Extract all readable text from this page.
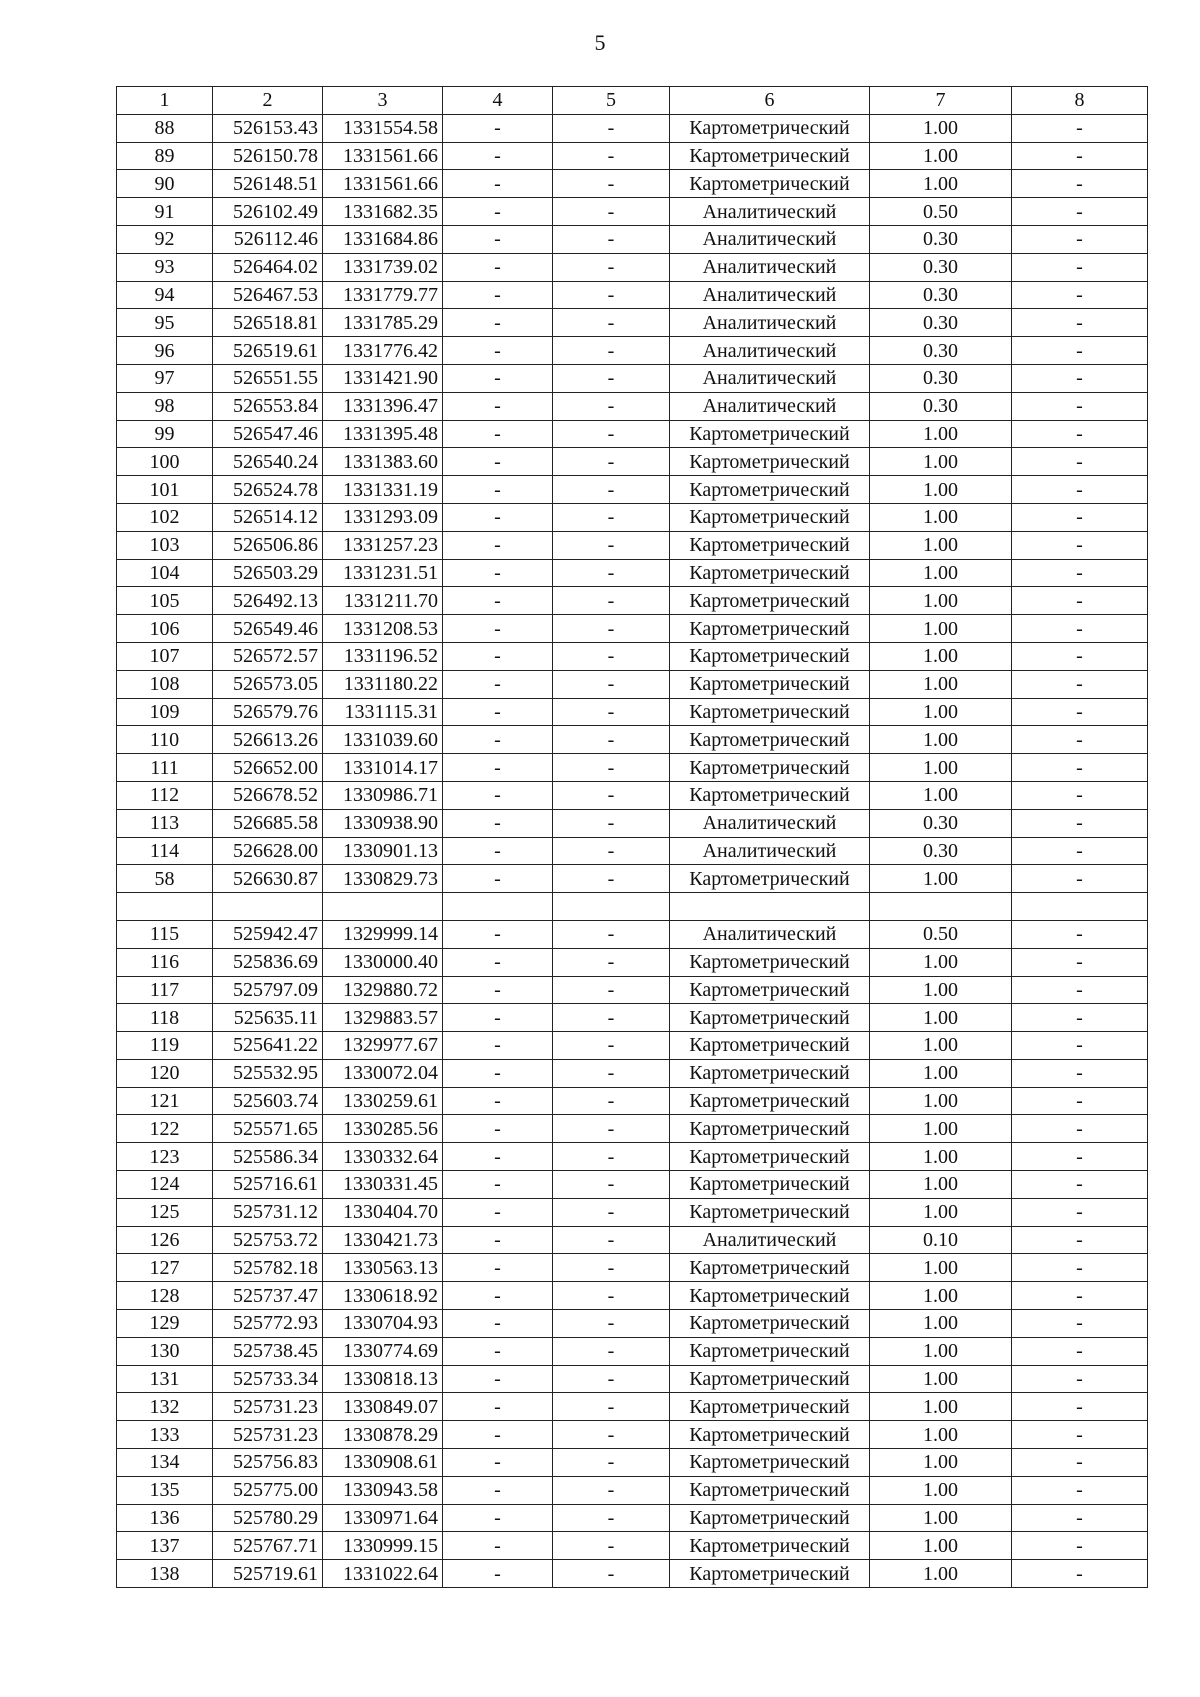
5
1	2	3	4	5	6	7	8
88	526153.43	1331554.58	-	-	Картометрический	1.00	-
89	526150.78	1331561.66	-	-	Картометрический	1.00	-
90	526148.51	1331561.66	-	-	Картометрический	1.00	-
91	526102.49	1331682.35	-	-	Аналитический	0.50	-
92	526112.46	1331684.86	-	-	Аналитический	0.30	-
93	526464.02	1331739.02	-	-	Аналитический	0.30	-
94	526467.53	1331779.77	-	-	Аналитический	0.30	-
95	526518.81	1331785.29	-	-	Аналитический	0.30	-
96	526519.61	1331776.42	-	-	Аналитический	0.30	-
97	526551.55	1331421.90	-	-	Аналитический	0.30	-
98	526553.84	1331396.47	-	-	Аналитический	0.30	-
99	526547.46	1331395.48	-	-	Картометрический	1.00	-
100	526540.24	1331383.60	-	-	Картометрический	1.00	-
101	526524.78	1331331.19	-	-	Картометрический	1.00	-
102	526514.12	1331293.09	-	-	Картометрический	1.00	-
103	526506.86	1331257.23	-	-	Картометрический	1.00	-
104	526503.29	1331231.51	-	-	Картометрический	1.00	-
105	526492.13	1331211.70	-	-	Картометрический	1.00	-
106	526549.46	1331208.53	-	-	Картометрический	1.00	-
107	526572.57	1331196.52	-	-	Картометрический	1.00	-
108	526573.05	1331180.22	-	-	Картометрический	1.00	-
109	526579.76	1331115.31	-	-	Картометрический	1.00	-
110	526613.26	1331039.60	-	-	Картометрический	1.00	-
111	526652.00	1331014.17	-	-	Картометрический	1.00	-
112	526678.52	1330986.71	-	-	Картометрический	1.00	-
113	526685.58	1330938.90	-	-	Аналитический	0.30	-
114	526628.00	1330901.13	-	-	Аналитический	0.30	-
58	526630.87	1330829.73	-	-	Картометрический	1.00	-

115	525942.47	1329999.14	-	-	Аналитический	0.50	-
116	525836.69	1330000.40	-	-	Картометрический	1.00	-
117	525797.09	1329880.72	-	-	Картометрический	1.00	-
118	525635.11	1329883.57	-	-	Картометрический	1.00	-
119	525641.22	1329977.67	-	-	Картометрический	1.00	-
120	525532.95	1330072.04	-	-	Картометрический	1.00	-
121	525603.74	1330259.61	-	-	Картометрический	1.00	-
122	525571.65	1330285.56	-	-	Картометрический	1.00	-
123	525586.34	1330332.64	-	-	Картометрический	1.00	-
124	525716.61	1330331.45	-	-	Картометрический	1.00	-
125	525731.12	1330404.70	-	-	Картометрический	1.00	-
126	525753.72	1330421.73	-	-	Аналитический	0.10	-
127	525782.18	1330563.13	-	-	Картометрический	1.00	-
128	525737.47	1330618.92	-	-	Картометрический	1.00	-
129	525772.93	1330704.93	-	-	Картометрический	1.00	-
130	525738.45	1330774.69	-	-	Картометрический	1.00	-
131	525733.34	1330818.13	-	-	Картометрический	1.00	-
132	525731.23	1330849.07	-	-	Картометрический	1.00	-
133	525731.23	1330878.29	-	-	Картометрический	1.00	-
134	525756.83	1330908.61	-	-	Картометрический	1.00	-
135	525775.00	1330943.58	-	-	Картометрический	1.00	-
136	525780.29	1330971.64	-	-	Картометрический	1.00	-
137	525767.71	1330999.15	-	-	Картометрический	1.00	-
138	525719.61	1331022.64	-	-	Картометрический	1.00	-
